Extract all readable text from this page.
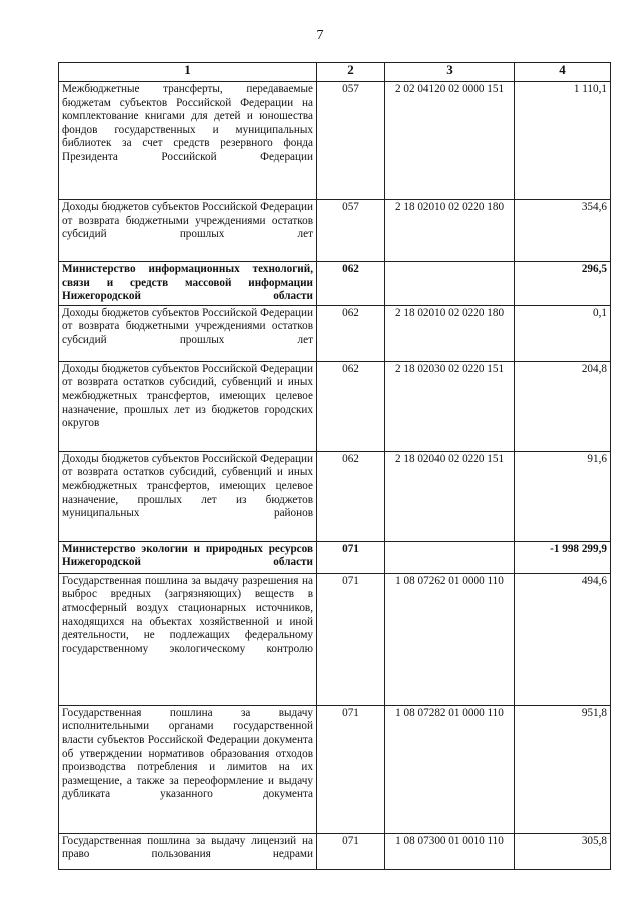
7
1	2	3	4
Межбюджетные трансферты, передаваемые бюджетам субъектов Российской Федерации на комплектование книгами для детей и юношества фондов государственных и муниципальных библиотек за счет средств резервного фонда Президента Российской Федерации	057	2 02 04120 02 0000 151	1 110,1
Доходы бюджетов субъектов Российской Федерации от возврата бюджетными учреждениями остатков субсидий прошлых лет	057	2 18 02010 02 0220 180	354,6
Министерство информационных технологий, связи и средств массовой информации Нижегородской области	062		296,5
Доходы бюджетов субъектов Российской Федерации от возврата бюджетными учреждениями остатков субсидий прошлых лет	062	2 18 02010 02 0220 180	0,1
Доходы бюджетов субъектов Российской Федерации от возврата остатков субсидий, субвенций и иных межбюджетных трансфертов, имеющих целевое назначение, прошлых лет из бюджетов городских округов	062	2 18 02030 02 0220 151	204,8
Доходы бюджетов субъектов Российской Федерации от возврата остатков субсидий, субвенций и иных межбюджетных трансфертов, имеющих целевое назначение, прошлых лет из бюджетов муниципальных районов	062	2 18 02040 02 0220 151	91,6
Министерство экологии и природных ресурсов Нижегородской области	071		-1 998 299,9
Государственная пошлина за выдачу разрешения на выброс вредных (загрязняющих) веществ в атмосферный воздух стационарных источников, находящихся на объектах хозяйственной и иной деятельности, не подлежащих федеральному государственному экологическому контролю	071	1 08 07262 01 0000 110	494,6
Государственная пошлина за выдачу исполнительными органами государственной власти субъектов Российской Федерации документа об утверждении нормативов образования отходов производства потребления и лимитов на их размещение, а также за переоформление и выдачу дубликата указанного документа	071	1 08 07282 01 0000 110	951,8
Государственная пошлина за выдачу лицензий на право пользования недрами	071	1 08 07300 01 0010 110	305,8
